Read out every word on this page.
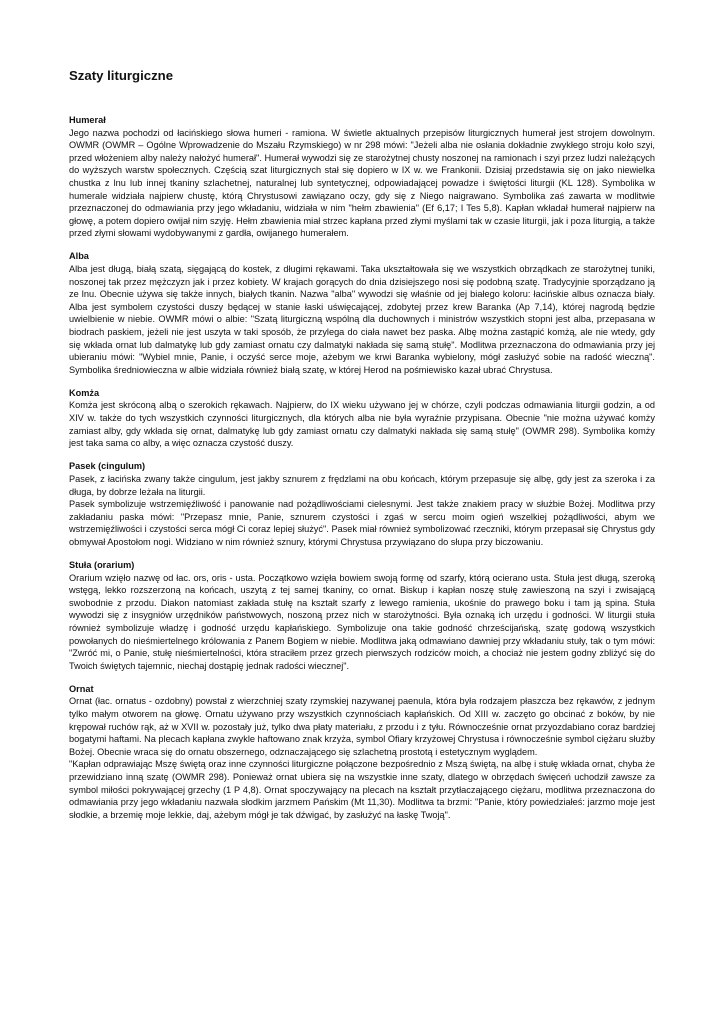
Szaty liturgiczne
Humerał

Jego nazwa pochodzi od łacińskiego słowa humeri - ramiona. W świetle aktualnych przepisów liturgicznych humerał jest strojem dowolnym. OWMR (OWMR – Ogólne Wprowadzenie do Mszału Rzymskiego) w nr 298 mówi: "Jeżeli alba nie osłania dokładnie zwykłego stroju koło szyi, przed włożeniem alby należy nałożyć humerał". Humerał wywodzi się ze starożytnej chusty noszonej na ramionach i szyi przez ludzi należących do wyższych warstw społecznych. Częścią szat liturgicznych stał się dopiero w IX w. we Frankonii. Dzisiaj przedstawia się on jako niewielka chustka z lnu lub innej tkaniny szlachetnej, naturalnej lub syntetycznej, odpowiadającej powadze i świętości liturgii (KL 128). Symbolika w humerale widziała najpierw chustę, którą Chrystusowi zawiązano oczy, gdy się z Niego naigrawano. Symbolika zaś zawarta w modlitwie przeznaczonej do odmawiania przy jego wkładaniu, widziała w nim "hełm zbawienia" (Ef 6,17; I Tes 5,8). Kapłan wkładał humerał najpierw na głowę, a potem dopiero owijał nim szyję. Hełm zbawienia miał strzec kapłana przed złymi myślami tak w czasie liturgii, jak i poza liturgią, a także przed złymi słowami wydobywanymi z gardła, owijanego humerałem.

Alba

Alba jest długą, białą szatą, sięgającą do kostek, z długimi rękawami. Taka ukształtowała się we wszystkich obrządkach ze starożytnej tuniki, noszonej tak przez mężczyzn jak i przez kobiety. W krajach gorących do dnia dzisiejszego nosi się podobną szatę. Tradycyjnie sporządzano ją ze lnu. Obecnie używa się także innych, białych tkanin. Nazwa "alba" wywodzi się właśnie od jej białego koloru: łacińskie albus oznacza biały. Alba jest symbolem czystości duszy będącej w stanie łaski uświęcającej, zdobytej przez krew Baranka (Ap 7,14), której nagrodą będzie uwielbienie w niebie. OWMR mówi o albie: "Szatą liturgiczną wspólną dla duchownych i ministrów wszystkich stopni jest alba, przepasana w biodrach paskiem, jeżeli nie jest uszyta w taki sposób, że przylega do ciała nawet bez paska. Albę można zastąpić komżą, ale nie wtedy, gdy się wkłada ornat lub dalmatykę lub gdy zamiast ornatu czy dalmatyki nakłada się samą stułę". Modlitwa przeznaczona do odmawiania przy jej ubieraniu mówi: "Wybiel mnie, Panie, i oczyść serce moje, ażebym we krwi Baranka wybielony, mógł zasłużyć sobie na radość wieczną". Symbolika średniowieczna w albie widziała również białą szatę, w której Herod na pośmiewisko kazał ubrać Chrystusa.

Komża

Komża jest skróconą albą o szerokich rękawach. Najpierw, do IX wieku używano jej w chórze, czyli podczas odmawiania liturgii godzin, a od XIV w. także do tych wszystkich czynności liturgicznych, dla których alba nie była wyraźnie przypisana. Obecnie "nie można używać komży zamiast alby, gdy wkłada się ornat, dalmatykę lub gdy zamiast ornatu czy dalmatyki nakłada się samą stułę" (OWMR 298). Symbolika komży jest taka sama co alby, a więc oznacza czystość duszy.

Pasek (cingulum)

Pasek, z łacińska zwany także cingulum, jest jakby sznurem z frędzlami na obu końcach, którym przepasuje się albę, gdy jest za szeroka i za długa, by dobrze leżała na liturgii.

Pasek symbolizuje wstrzemięźliwość i panowanie nad pożądliwościami cielesnymi. Jest także znakiem pracy w służbie Bożej. Modlitwa przy zakładaniu paska mówi: "Przepasz mnie, Panie, sznurem czystości i zgaś w sercu moim ogień wszelkiej pożądliwości, abym we wstrzemięźliwości i czystości serca mógł Ci coraz lepiej służyć". Pasek miał również symbolizować rzeczniki, którym przepasał się Chrystus gdy obmywał Apostołom nogi. Widziano w nim również sznury, którymi Chrystusa przywiązano do słupa przy biczowaniu.

Stuła (orarium)

Orarium wzięło nazwę od łac. ors, oris - usta. Początkowo wzięła bowiem swoją formę od szarfy, którą ocierano usta. Stuła jest długą, szeroką wstęgą, lekko rozszerzoną na końcach, uszytą z tej samej tkaniny, co ornat. Biskup i kapłan noszę stułę zawieszoną na szyi i zwisającą swobodnie z przodu. Diakon natomiast zakłada stułę na kształt szarfy z lewego ramienia, ukośnie do prawego boku i tam ją spina. Stuła wywodzi się z insygniów urzędników państwowych, noszoną przez nich w starożytności. Była oznaką ich urzędu i godności. W liturgii stuła również symbolizuje władzę i godność urzędu kapłańskiego. Symbolizuje ona takie godność chrześcijańską, szatę godową wszystkich powołanych do nieśmiertelnego królowania z Panem Bogiem w niebie. Modlitwa jaką odmawiano dawniej przy wkładaniu stuły, tak o tym mówi: "Zwróć mi, o Panie, stułę nieśmiertelności, która straciłem przez grzech pierwszych rodziców moich, a chociaż nie jestem godny zbliżyć się do Twoich świętych tajemnic, niechaj dostąpię jednak radości wiecznej".

Ornat

Ornat (łac. ornatus - ozdobny) powstał z wierzchniej szaty rzymskiej nazywanej paenula, która była rodzajem płaszcza bez rękawów, z jednym tylko małym otworem na głowę. Ornatu używano przy wszystkich czynnościach kapłańskich. Od XIII w. zaczęto go obcinać z boków, by nie krępował ruchów rąk, aż w XVII w. pozostały już, tylko dwa płaty materiału, z przodu i z tyłu. Równocześnie ornat przyozdabiano coraz bardziej bogatymi haftami. Na plecach kapłana zwykle haftowano znak krzyża, symbol Ofiary krzyżowej Chrystusa i równocześnie symbol ciężaru służby Bożej. Obecnie wraca się do ornatu obszernego, odznaczającego się szlachetną prostotą i estetycznym wyglądem.

"Kapłan odprawiając Mszę świętą oraz inne czynności liturgiczne połączone bezpośrednio z Mszą świętą, na albę i stułę wkłada ornat, chyba że przewidziano inną szatę (OWMR 298). Ponieważ ornat ubiera się na wszystkie inne szaty, dlatego w obrzędach święceń uchodził zawsze za symbol miłości pokrywającej grzechy (1 P 4,8). Ornat spoczywający na plecach na kształt przytłaczającego ciężaru, modlitwa przeznaczona do odmawiania przy jego wkładaniu nazwała słodkim jarzmem Pańskim (Mt 11,30). Modlitwa ta brzmi: "Panie, który powiedziałeś: jarzmo moje jest słodkie, a brzemię moje lekkie, daj, ażebym mógł je tak dźwigać, by zasłużyć na łaskę Twoją".
